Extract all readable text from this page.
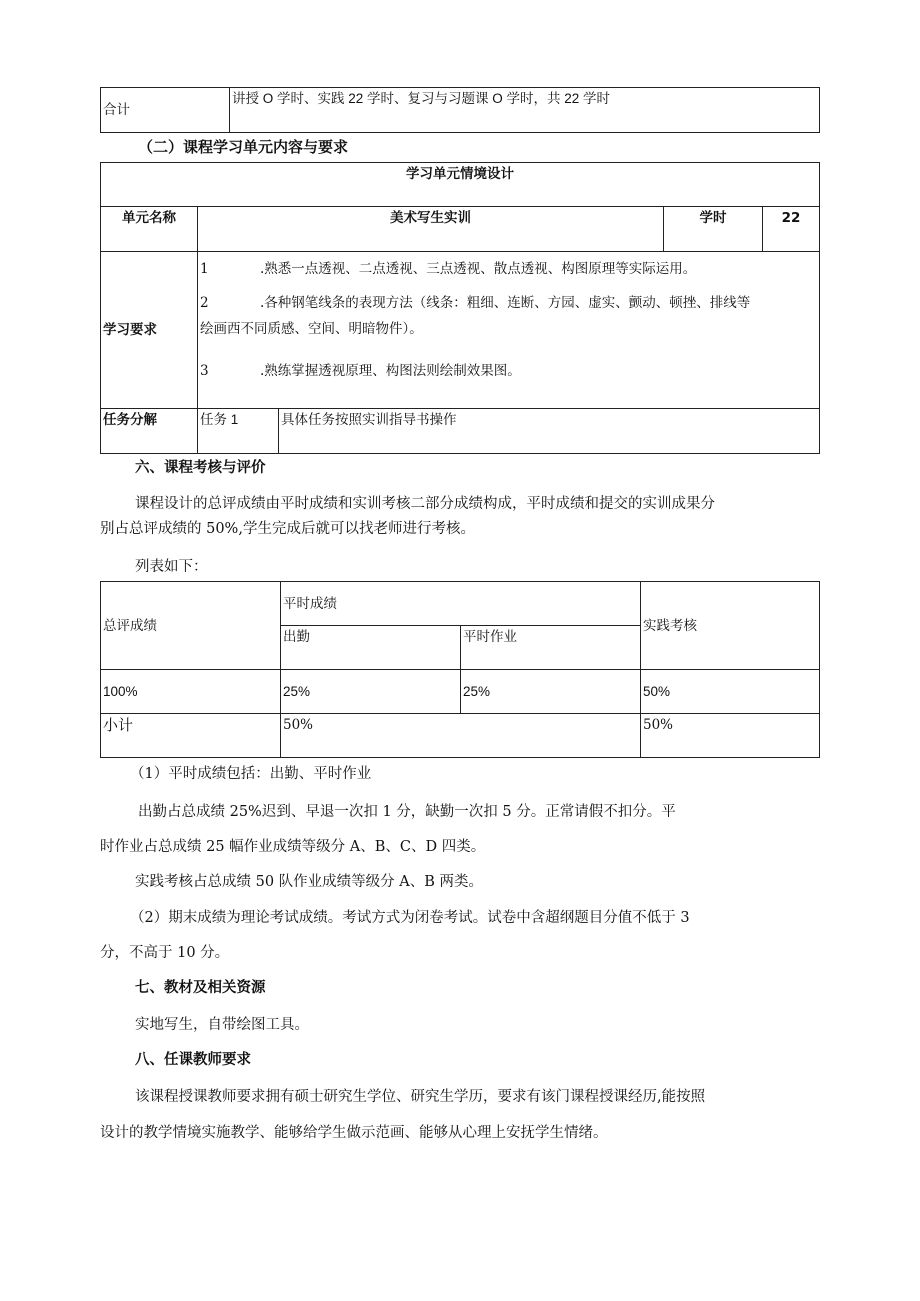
合计	讲授 O 学时、实践 22 学时、复习与习题课 O 学时，共 22 学时
（二）课程学习单元内容与要求
学习单元情境设计			
单元名称	美术写生实训	学时	22
学习要求	1 .熟悉一点透视、二点透视、三点透视、散点透视、构图原理等实际运用。

2 .各种钢笔线条的表现方法（线条：粗细、连断、方园、虚实、颤动、顿挫、排线等

绘画西不同质感、空间、明暗物件）。

3 .熟练掌握透视原理、构图法则绘制效果图。		

任务分解	任务 1	具体任务按照实训指导书操作
六、课程考核与评价
课程设计的总评成绩由平时成绩和实训考核二部分成绩构成，平时成绩和提交的实训成果分
别占总评成绩的 50%,学生完成后就可以找老师进行考核。
列表如下：
总评成绩	平时成绩		实践考核
	出勤	平时作业	
100%	25%	25%	50%
小计	50%		50%
（1）平时成绩包括：出勤、平时作业
出勤占总成绩 25%迟到、早退一次扣 1 分，缺勤一次扣 5 分。正常请假不扣分。平
时作业占总成绩 25 幅作业成绩等级分 A、B、C、D 四类。
实践考核占总成绩 50 队作业成绩等级分 A、B 两类。
（2）期末成绩为理论考试成绩。考试方式为闭卷考试。试卷中含超纲题目分值不低于 3
分，不高于 10 分。
七、教材及相关资源
实地写生，自带绘图工具。
八、任课教师要求
该课程授课教师要求拥有硕士研究生学位、研究生学历，要求有该门课程授课经历,能按照
设计的教学情境实施教学、能够给学生做示范画、能够从心理上安抚学生情绪。
